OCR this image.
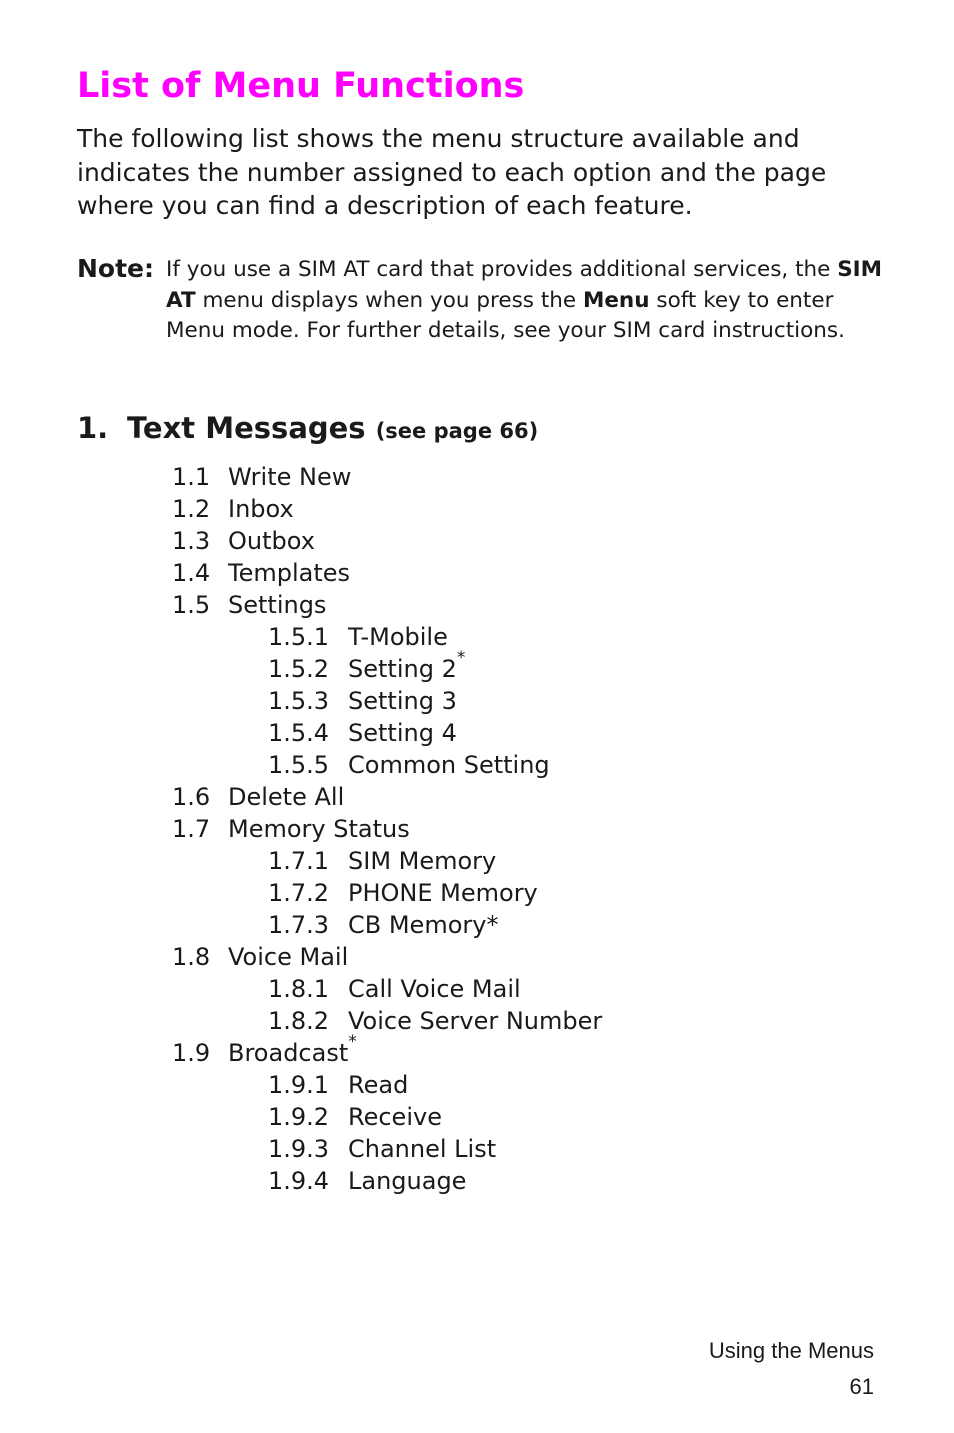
List of Menu Functions

The following list shows the menu structure available and indicates the number assigned to each option and the page where you can find a description of each feature.

Note: If you use a SIM AT card that provides additional services, the SIM AT menu displays when you press the Menu soft key to enter Menu mode. For further details, see your SIM card instructions.

1. Text Messages (see page 66)
1.1 Write New
1.2 Inbox
1.3 Outbox
1.4 Templates
1.5 Settings
1.5.1 T-Mobile
1.5.2 Setting 2*
1.5.3 Setting 3
1.5.4 Setting 4
1.5.5 Common Setting
1.6 Delete All
1.7 Memory Status
1.7.1 SIM Memory
1.7.2 PHONE Memory
1.7.3 CB Memory*
1.8 Voice Mail
1.8.1 Call Voice Mail
1.8.2 Voice Server Number
1.9 Broadcast*
1.9.1 Read
1.9.2 Receive
1.9.3 Channel List
1.9.4 Language
Using the Menus
61
